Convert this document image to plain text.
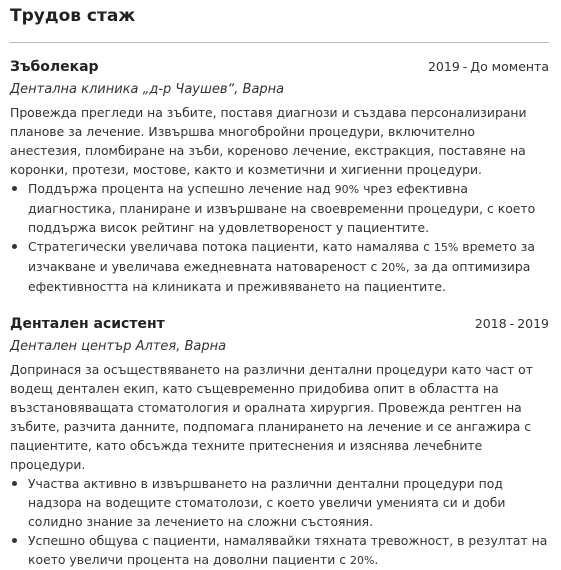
Трудов стаж
Зъболекар	2019 - До момента
Дентална клиника „д-р Чаушев“, Варна

Провежда прегледи на зъбите, поставя диагнози и създава персонализирани планове за лечение. Извършва многобройни процедури, включително анестезия, пломбиране на зъби, кореново лечение, екстракция, поставяне на коронки, протези, мостове, както и козметични и хигиенни процедури.

Поддържа процента на успешно лечение над 90% чрез ефективна диагностика, планиране и извършване на своевременни процедури, с което поддържа висок рейтинг на удовлетвореност у пациентите.
Стратегически увеличава потока пациенти, като намалява с 15% времето за изчакване и увеличава ежедневната натовареност с 20%, за да оптимизира ефективността на клиниката и преживяването на пациентите.
Дентален асистент	2018 - 2019
Дентален център Алтея, Варна

Допринася за осъществяването на различни дентални процедури като част от водещ дентален екип, като същевременно придобива опит в областта на възстановяващата стоматология и оралната хирургия. Провежда рентген на зъбите, разчита данните, подпомага планирането на лечение и се ангажира с пациентите, като обсъжда техните притеснения и изяснява лечебните процедури.

Участва активно в извършването на различни дентални процедури под надзора на водещите стоматолози, с което увеличи уменията си и доби солидно знание за лечението на сложни състояния.
Успешно общува с пациенти, намалявайки тяхната тревожност, в резултат на което увеличи процента на доволни пациенти с 20%.
